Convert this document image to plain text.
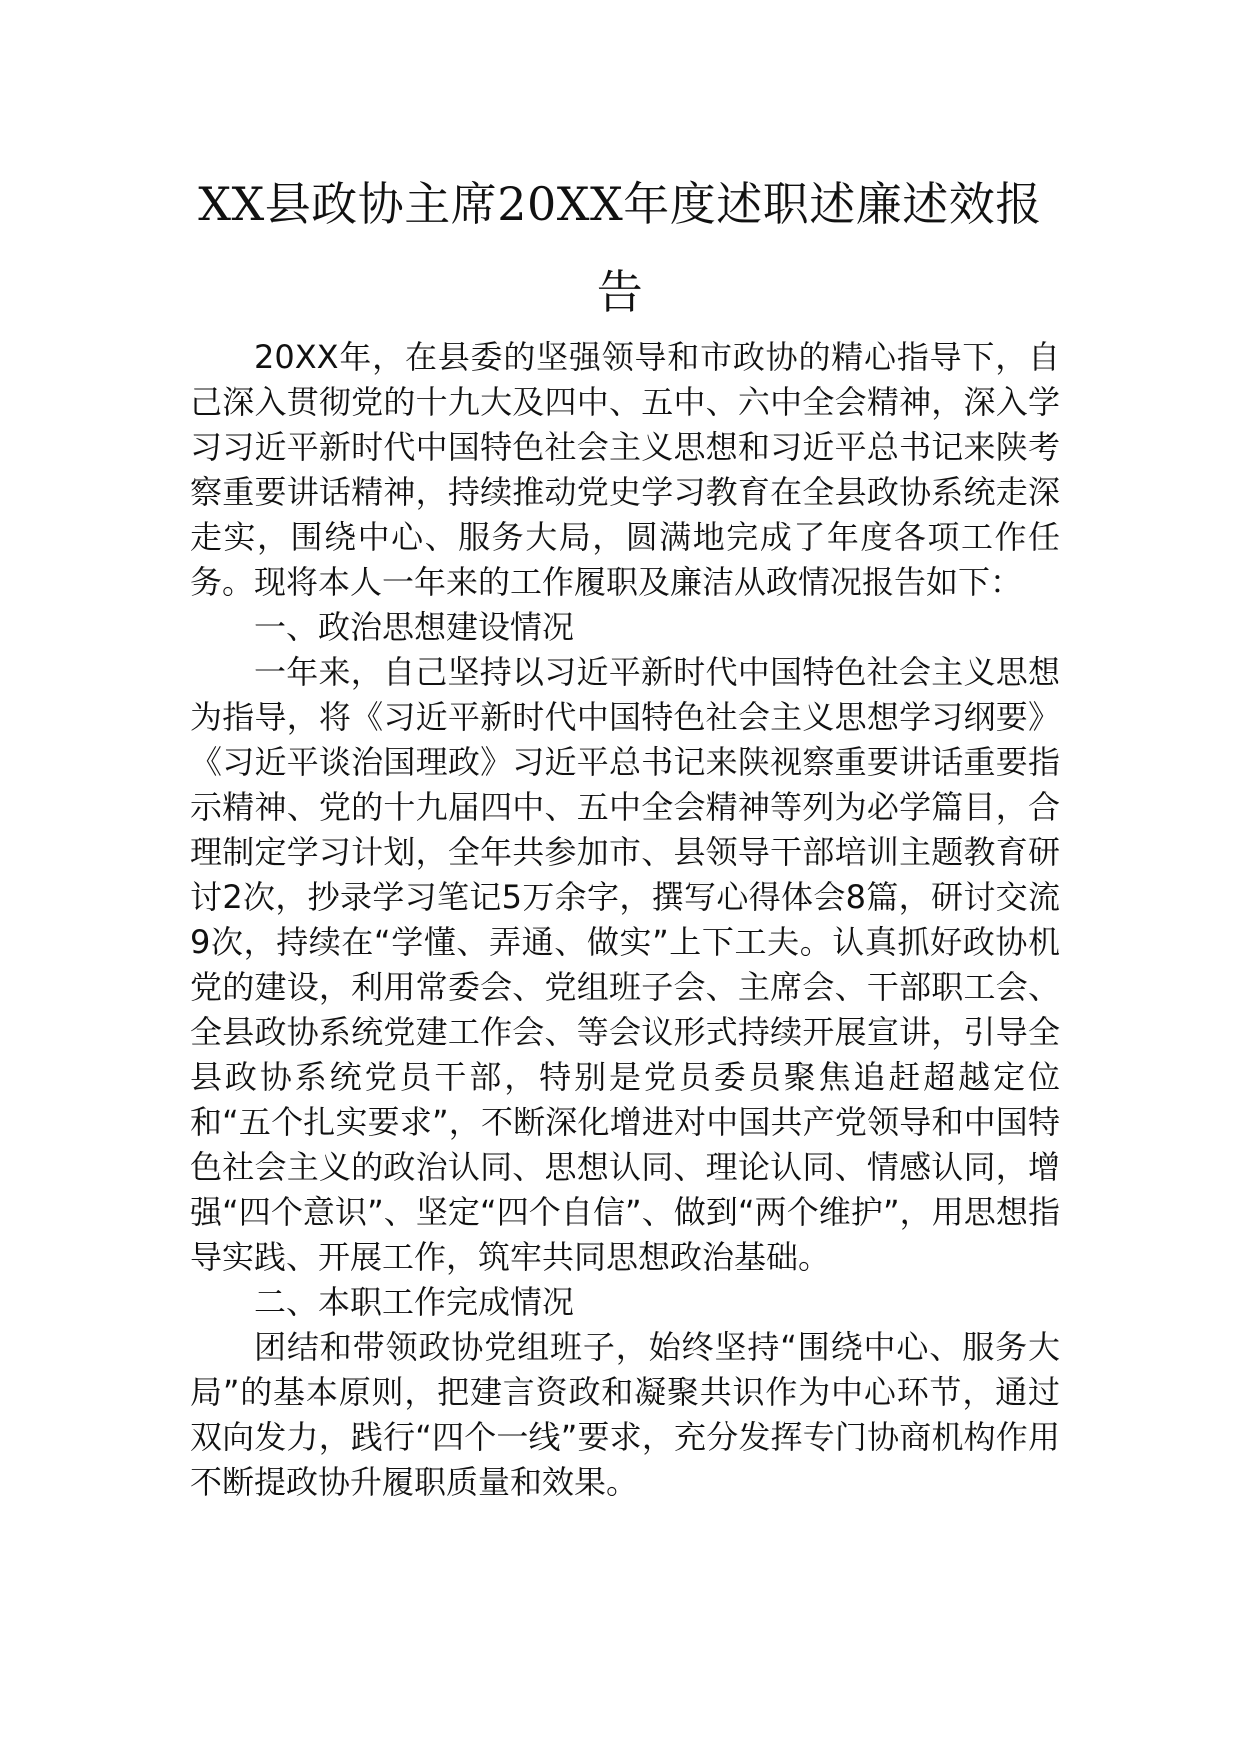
XX县政协主席20XX年度述职述廉述效报
告

20XX年，在县委的坚强领导和市政协的精心指导下，自己深入贯彻党的十九大及四中、五中、六中全会精神，深入学习习近平新时代中国特色社会主义思想和习近平总书记来陕考察重要讲话精神，持续推动党史学习教育在全县政协系统走深走实，围绕中心、服务大局，圆满地完成了年度各项工作任务。现将本人一年来的工作履职及廉洁从政情况报告如下：

一、政治思想建设情况

一年来，自己坚持以习近平新时代中国特色社会主义思想为指导，将《习近平新时代中国特色社会主义思想学习纲要》《习近平谈治国理政》习近平总书记来陕视察重要讲话重要指示精神、党的十九届四中、五中全会精神等列为必学篇目，合理制定学习计划，全年共参加市、县领导干部培训主题教育研讨2次，抄录学习笔记5万余字，撰写心得体会8篇，研讨交流9次，持续在“学懂、弄通、做实”上下工夫。认真抓好政协机党的建设，利用常委会、党组班子会、主席会、干部职工会、全县政协系统党建工作会、等会议形式持续开展宣讲，引导全县政协系统党员干部，特别是党员委员聚焦追赶超越定位和“五个扎实要求”，不断深化增进对中国共产党领导和中国特色社会主义的政治认同、思想认同、理论认同、情感认同，增强“四个意识”、坚定“四个自信”、做到“两个维护”，用思想指导实践、开展工作，筑牢共同思想政治基础。

二、本职工作完成情况

团结和带领政协党组班子，始终坚持“围绕中心、服务大局”的基本原则，把建言资政和凝聚共识作为中心环节，通过双向发力，践行“四个一线”要求，充分发挥专门协商机构作用不断提政协升履职质量和效果。
